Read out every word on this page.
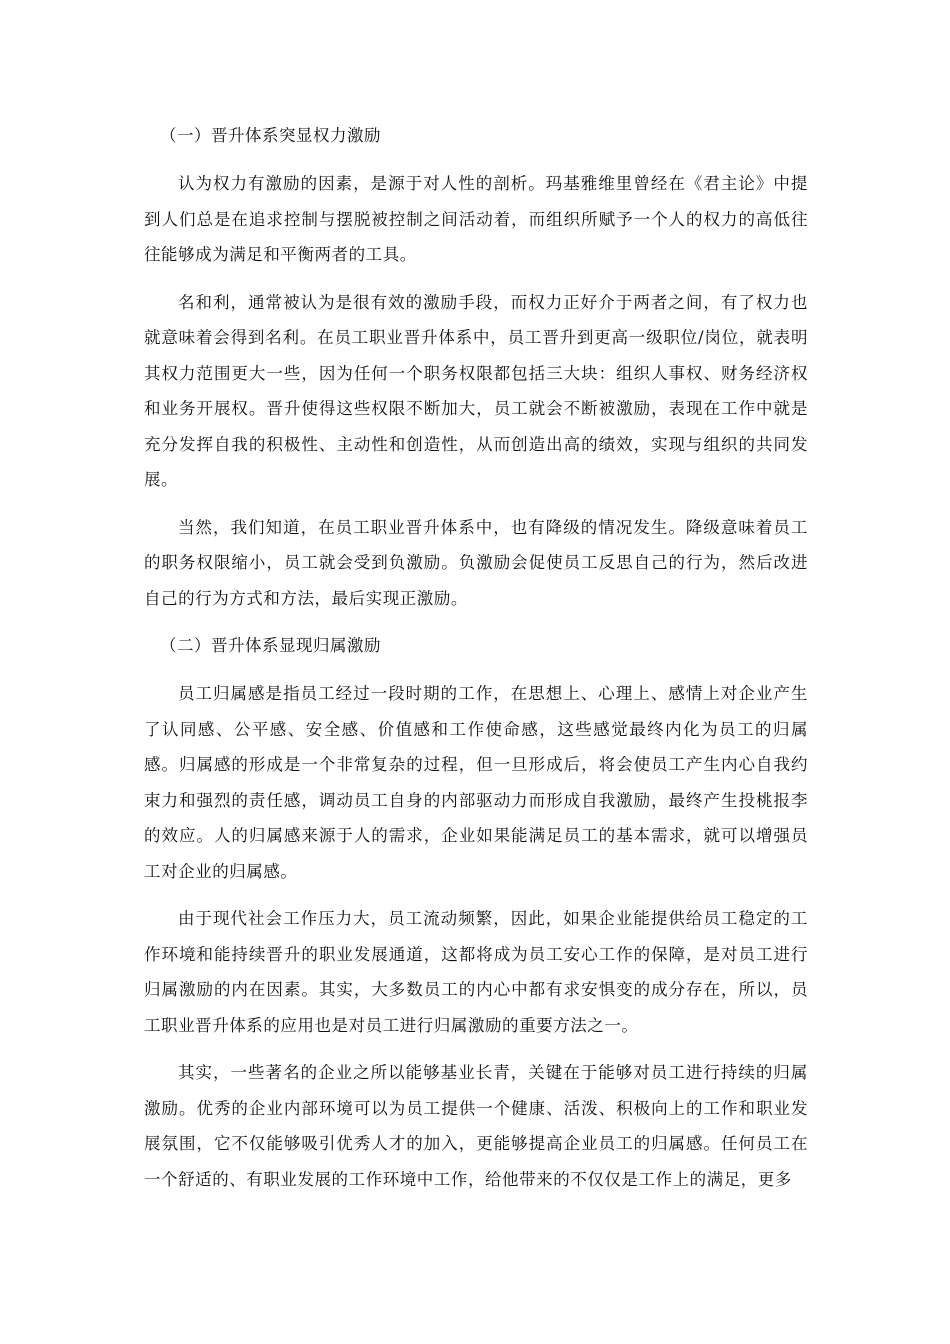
（一）晋升体系突显权力激励

认为权力有激励的因素，是源于对人性的剖析。玛基雅维里曾经在《君主论》中提到人们总是在追求控制与摆脱被控制之间活动着，而组织所赋予一个人的权力的高低往往能够成为满足和平衡两者的工具。

名和利，通常被认为是很有效的激励手段，而权力正好介于两者之间，有了权力也就意味着会得到名利。在员工职业晋升体系中，员工晋升到更高一级职位/岗位，就表明其权力范围更大一些，因为任何一个职务权限都包括三大块：组织人事权、财务经济权和业务开展权。晋升使得这些权限不断加大，员工就会不断被激励，表现在工作中就是充分发挥自我的积极性、主动性和创造性，从而创造出高的绩效，实现与组织的共同发展。

当然，我们知道，在员工职业晋升体系中，也有降级的情况发生。降级意味着员工的职务权限缩小，员工就会受到负激励。负激励会促使员工反思自己的行为，然后改进自己的行为方式和方法，最后实现正激励。

（二）晋升体系显现归属激励

员工归属感是指员工经过一段时期的工作，在思想上、心理上、感情上对企业产生了认同感、公平感、安全感、价值感和工作使命感，这些感觉最终内化为员工的归属感。归属感的形成是一个非常复杂的过程，但一旦形成后，将会使员工产生内心自我约束力和强烈的责任感，调动员工自身的内部驱动力而形成自我激励，最终产生投桃报李的效应。人的归属感来源于人的需求，企业如果能满足员工的基本需求，就可以增强员工对企业的归属感。

由于现代社会工作压力大，员工流动频繁，因此，如果企业能提供给员工稳定的工作环境和能持续晋升的职业发展通道，这都将成为员工安心工作的保障，是对员工进行归属激励的内在因素。其实，大多数员工的内心中都有求安惧变的成分存在，所以，员工职业晋升体系的应用也是对员工进行归属激励的重要方法之一。

其实，一些著名的企业之所以能够基业长青，关键在于能够对员工进行持续的归属激励。优秀的企业内部环境可以为员工提供一个健康、活泼、积极向上的工作和职业发展氛围，它不仅能够吸引优秀人才的加入，更能够提高企业员工的归属感。任何员工在一个舒适的、有职业发展的工作环境中工作，给他带来的不仅仅是工作上的满足，更多
